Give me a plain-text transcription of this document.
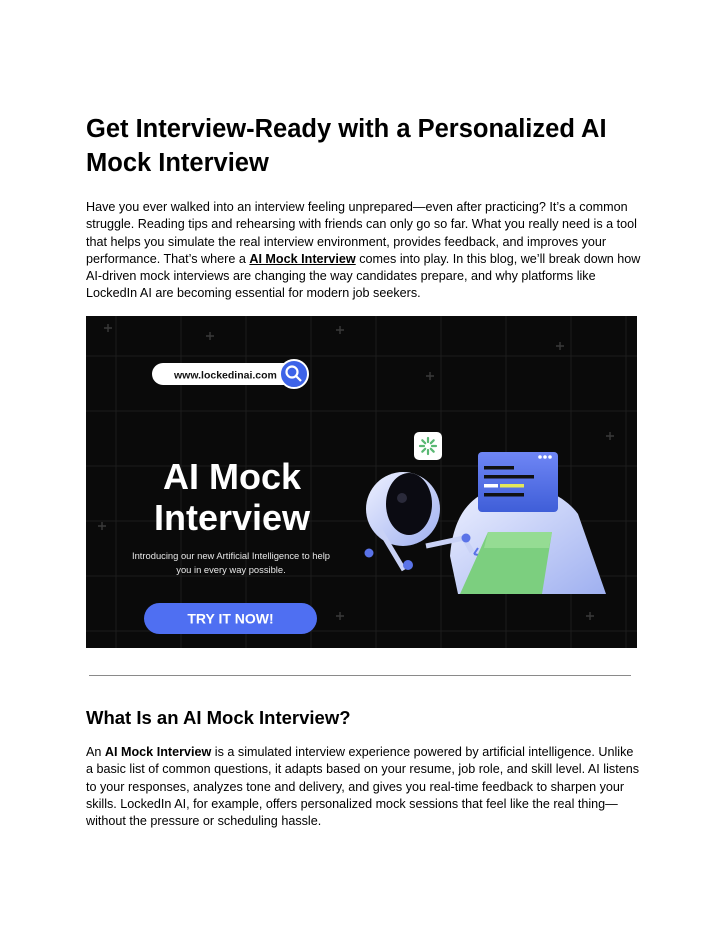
Get Interview-Ready with a Personalized AI Mock Interview

Have you ever walked into an interview feeling unprepared—even after practicing? It’s a common struggle. Reading tips and rehearsing with friends can only go so far. What you really need is a tool that helps you simulate the real interview environment, provides feedback, and improves your performance. That’s where a AI Mock Interview comes into play. In this blog, we’ll break down how AI-driven mock interviews are changing the way candidates prepare, and why platforms like LockedIn AI are becoming essential for modern job seekers.

www.lockedinai.com
AI Mock
Interview
Introducing our new Artificial Intelligence to help
you in every way possible.
TRY IT NOW!
What Is an AI Mock Interview?

An AI Mock Interview is a simulated interview experience powered by artificial intelligence. Unlike a basic list of common questions, it adapts based on your resume, job role, and skill level. AI listens to your responses, analyzes tone and delivery, and gives you real-time feedback to sharpen your skills. LockedIn AI, for example, offers personalized mock sessions that feel like the real thing—without the pressure or scheduling hassle.
